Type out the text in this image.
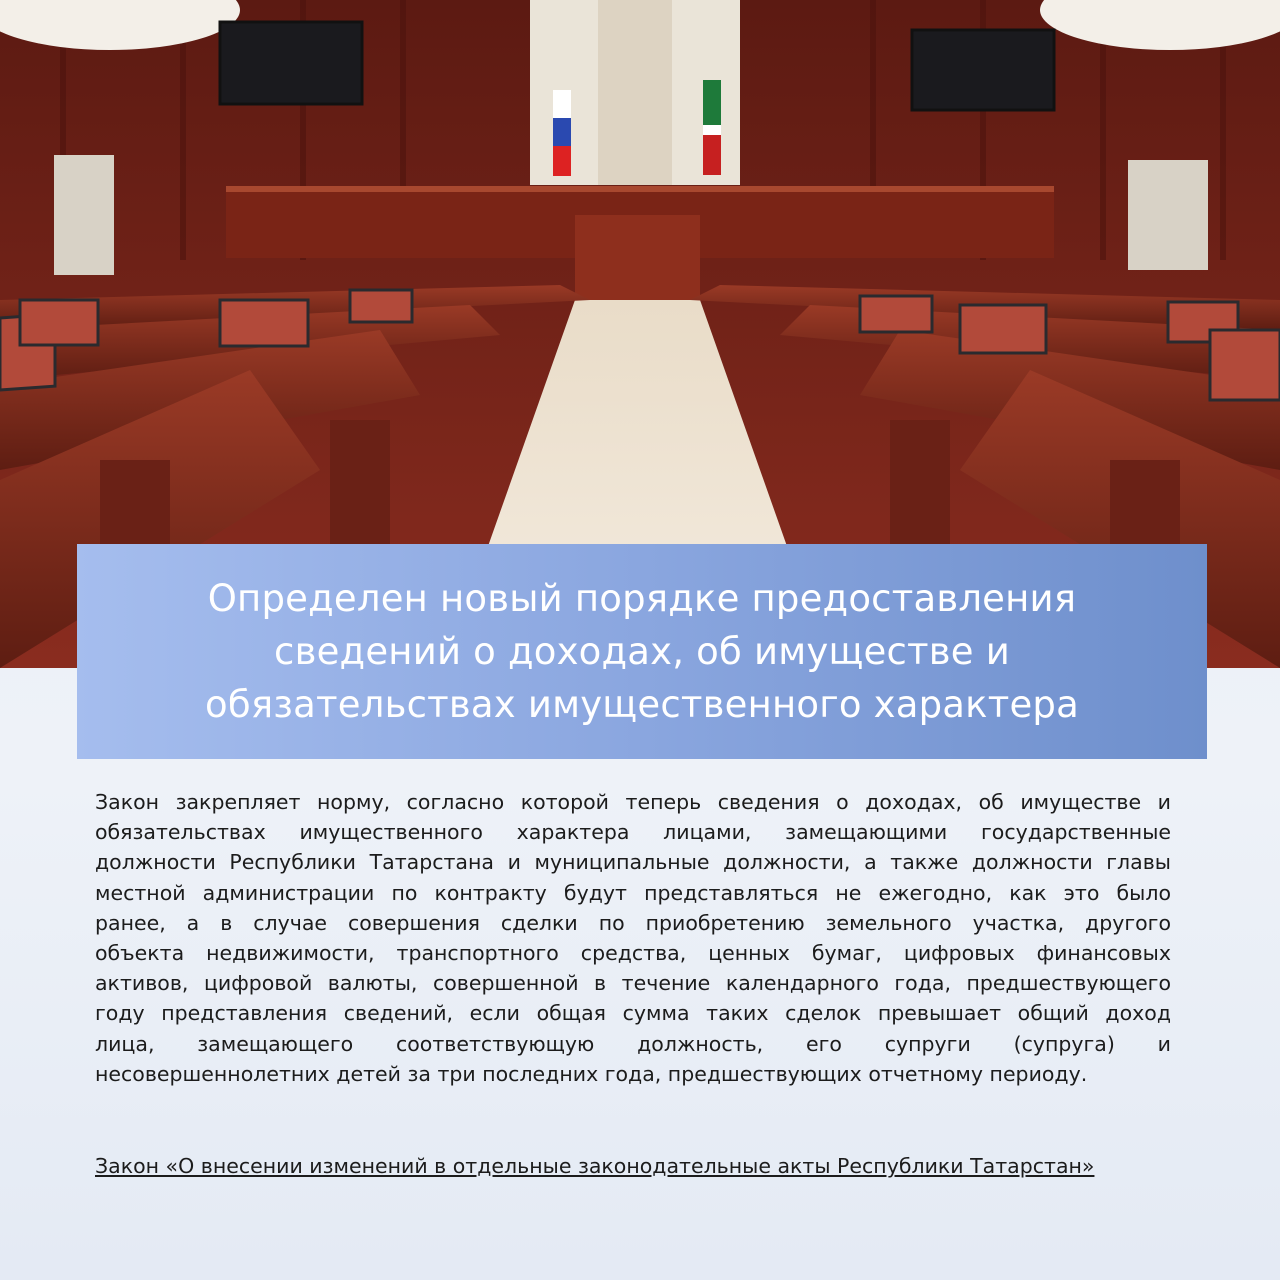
Определен новый порядке предоставления
сведений о доходах, об имуществе и
обязательствах имущественного характера
Закон закрепляет норму, согласно которой теперь сведения о доходах, об имуществе и
обязательствах имущественного характера лицами, замещающими государственные
должности Республики Татарстана и муниципальные должности, а также должности главы
местной администрации по контракту будут представляться не ежегодно, как это было
ранее, а в случае совершения сделки по приобретению земельного участка, другого
объекта недвижимости, транспортного средства, ценных бумаг, цифровых финансовых
активов, цифровой валюты, совершенной в течение календарного года, предшествующего
году представления сведений, если общая сумма таких сделок превышает общий доход
лица, замещающего соответствующую должность, его супруги (супруга) и
несовершеннолетних детей за три последних года, предшествующих отчетному периоду.
Закон «О внесении изменений в отдельные законодательные акты Республики Татарстан»
